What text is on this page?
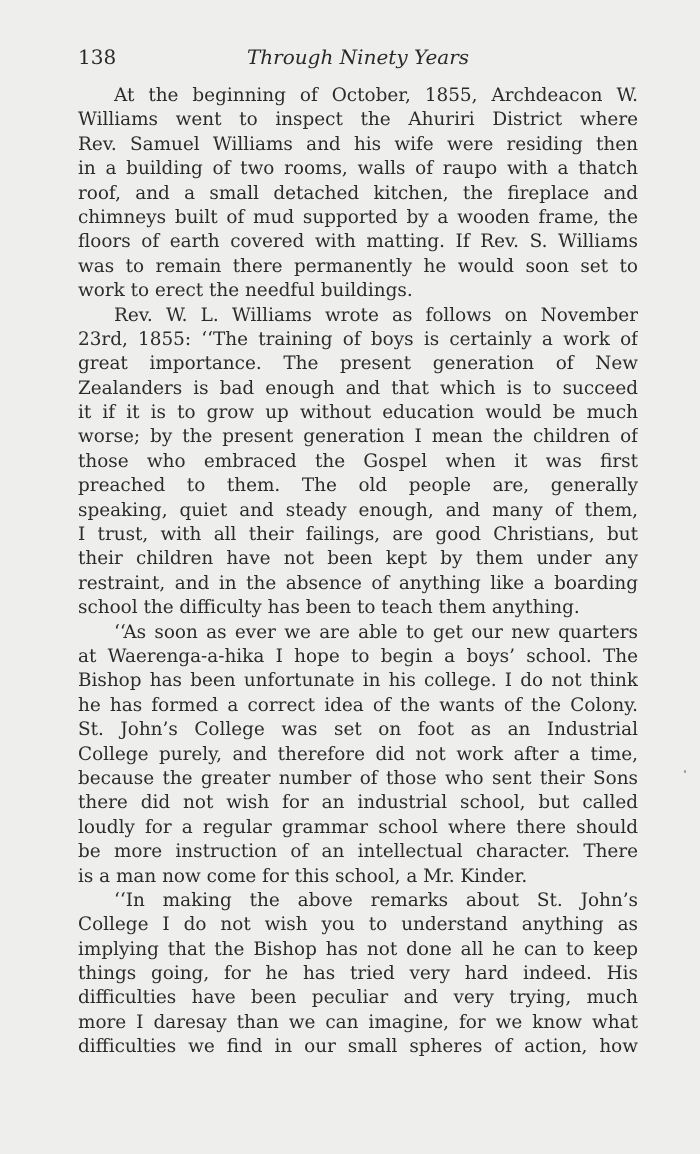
138	Through Ninety Years
At the beginning of October, 1855, Archdeacon W.
Williams went to inspect the Ahuriri District where
Rev. Samuel Williams and his wife were residing then
in a building of two rooms, walls of raupo with a thatch
roof, and a small detached kitchen, the fireplace and
chimneys built of mud supported by a wooden frame, the
floors of earth covered with matting. If Rev. S. Williams
was to remain there permanently he would soon set to
work to erect the needful buildings.
Rev. W. L. Williams wrote as follows on November
23rd, 1855: ‘‘The training of boys is certainly a work of
great importance. The present generation of New
Zealanders is bad enough and that which is to succeed
it if it is to grow up without education would be much
worse; by the present generation I mean the children of
those who embraced the Gospel when it was first
preached to them. The old people are, generally
speaking, quiet and steady enough, and many of them,
I trust, with all their failings, are good Christians, but
their children have not been kept by them under any
restraint, and in the absence of anything like a boarding
school the difficulty has been to teach them anything.
‘‘As soon as ever we are able to get our new quarters
at Waerenga-a-hika I hope to begin a boys’ school. The
Bishop has been unfortunate in his college. I do not think
he has formed a correct idea of the wants of the Colony.
St. John’s College was set on foot as an Industrial
College purely, and therefore did not work after a time,
because the greater number of those who sent their Sons
there did not wish for an industrial school, but called
loudly for a regular grammar school where there should
be more instruction of an intellectual character. There
is a man now come for this school, a Mr. Kinder.
‘‘In making the above remarks about St. John’s
College I do not wish you to understand anything as
implying that the Bishop has not done all he can to keep
things going, for he has tried very hard indeed. His
difficulties have been peculiar and very trying, much
more I daresay than we can imagine, for we know what
difficulties we find in our small spheres of action, how
